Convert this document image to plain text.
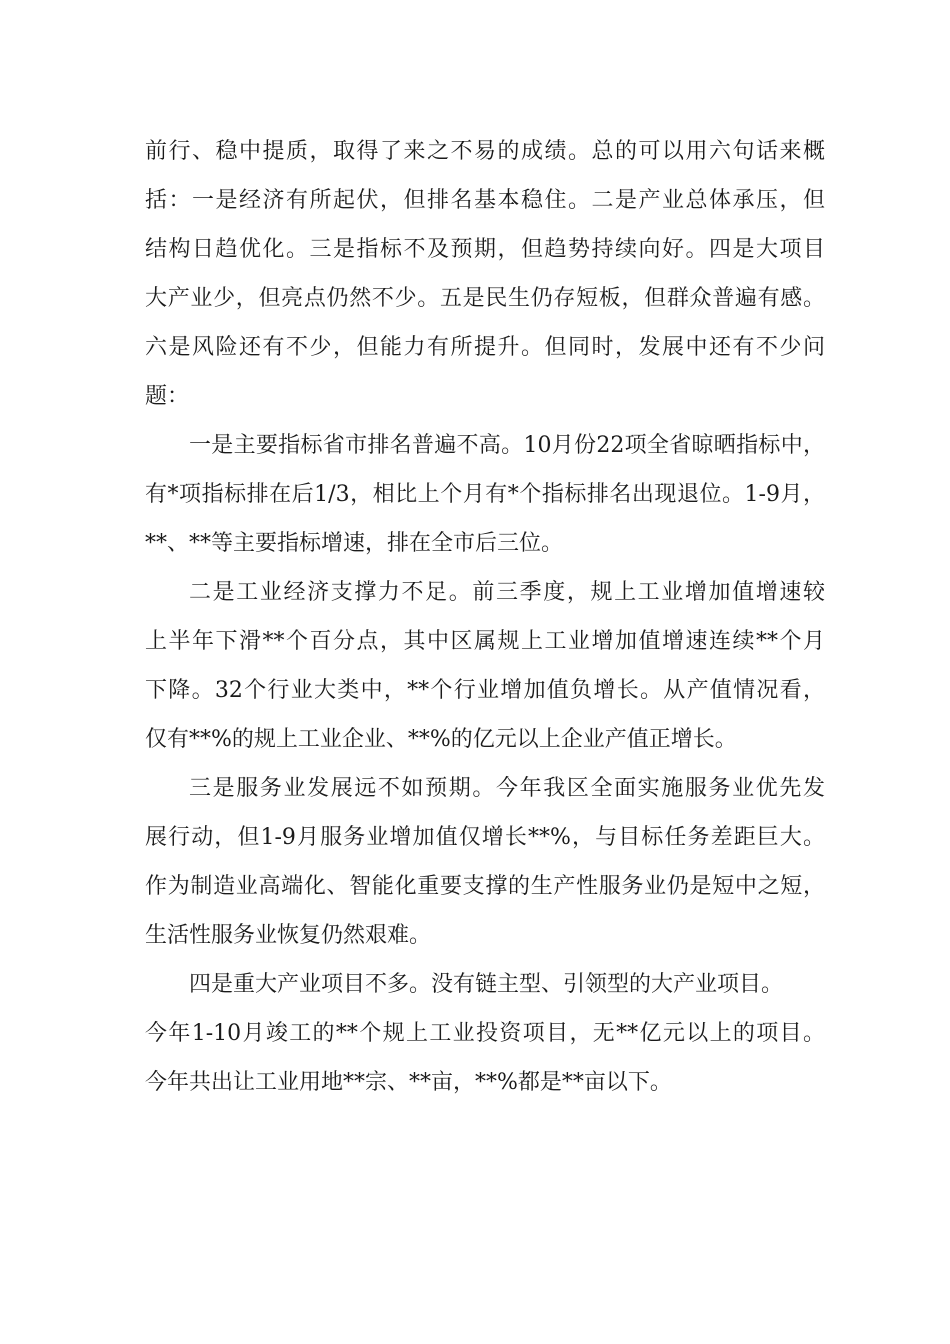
前行、稳中提质，取得了来之不易的成绩。总的可以用六句话来概
括：一是经济有所起伏，但排名基本稳住。二是产业总体承压，但
结构日趋优化。三是指标不及预期，但趋势持续向好。四是大项目
大产业少，但亮点仍然不少。五是民生仍存短板，但群众普遍有感。
六是风险还有不少，但能力有所提升。但同时，发展中还有不少问
题：
一是主要指标省市排名普遍不高。10月份22项全省晾晒指标中，
有*项指标排在后1/3，相比上个月有*个指标排名出现退位。1-9月，
**、**等主要指标增速，排在全市后三位。
二是工业经济支撑力不足。前三季度，规上工业增加值增速较
上半年下滑**个百分点，其中区属规上工业增加值增速连续**个月
下降。32个行业大类中，**个行业增加值负增长。从产值情况看，
仅有**%的规上工业企业、**%的亿元以上企业产值正增长。
三是服务业发展远不如预期。今年我区全面实施服务业优先发
展行动，但1-9月服务业增加值仅增长**%，与目标任务差距巨大。
作为制造业高端化、智能化重要支撑的生产性服务业仍是短中之短，
生活性服务业恢复仍然艰难。
四是重大产业项目不多。没有链主型、引领型的大产业项目。
今年1-10月竣工的**个规上工业投资项目，无**亿元以上的项目。
今年共出让工业用地**宗、**亩，**%都是**亩以下。
